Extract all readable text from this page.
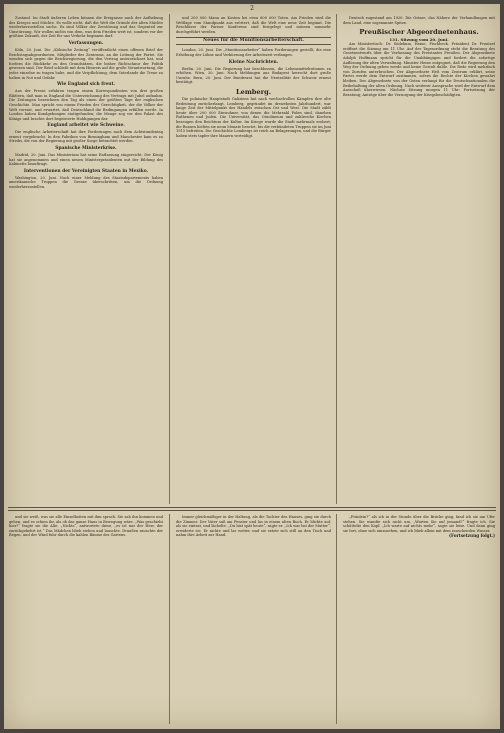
2

Zustand. Im Stadt äußeren Leben können die Ereignisse nach der Aufhebung des Krieges und Mächte. Es wolle nicht, daß die Welt die Gründe der alten Mächte wiederherzustellen suche. Es sind Völker der Zerstörung und das Gegenteil zur Umstürzung. Wir wollen nichts von dem, was dem Frieden wert ist, sondern vor der größten Zukunft, der Zeit für uns Verkehr beginnen darf.

Verfassungen.

Köln, 20. Juni. Die „Kölnische Zeitung“ veröffentlicht einen offenen Brief der Reichstagsabgeordneten, Mitglieder des Zentrums, an die Leitung der Partei. Sie wenden sich gegen die Reichsregierung, die den Vertrag unterzeichnet hat, und fordern die Rückkehr zu den Grundsätzen, die bisher Richtschnur der Politik gewesen sind. Der Brief schließt mit dem Hinweis auf die große Verantwortung, die jeder einzelne zu tragen habe, und die Verpflichtung, dem Vaterlande die Treue zu halten in Not und Gefahr.

Wie England sich freut.

Aus der Presse erfahren tragen einem Korrespondenten von drei großen Blättern, daß man in England die Unterzeichnung des Vertrags mit Jubel aufnahm. Die Zeitungen bezeichnen den Tag als einen der größten Tage der englischen Geschichte. Man spricht von einem Frieden der Gerechtigkeit, der die Völker der Welt vereint, und erwartet, daß Deutschland die Bedingungen erfüllen werde. In London haben Kundgebungen stattgefunden; die Menge zog vor den Palast des Königs und brachte dort begeisterte Huldigungen dar.

England arbeitet wie Schweine.

Die englische Arbeiterschaft hat ihre Forderungen nach dem Achtstundentag erneut vorgebracht. In den Fabriken von Birmingham und Manchester kam es zu Streiks, die von der Regierung mit großer Sorge betrachtet werden.

Spanische Ministerkrise.

Madrid, 20. Juni. Das Ministerium hat seine Entlassung eingereicht. Der König hat sie angenommen und einen neuen Ministerpräsidenten mit der Bildung des Kabinetts beauftragt.

Interventionen der Vereinigten Staaten in Mexiko.

Washington, 20. Juni. Nach einer Meldung des Staatsdepartements haben amerikanische Truppen die Grenze überschritten, um die Ordnung wiederherzustellen.

und 200 000 Mann an Kosten bei etwa 600 000 Toten. Am Frieden wird die Weltlage vom Standpunkt aus erörtert, daß die Welt eine neue Zeit beginnt. Die Beschlüsse der Pariser Konferenz sind festgelegt und müssen nunmehr durchgeführt werden.

Neues für die Munitionsarbeiterschaft.

London, 20. Juni. Die „Munitionsarbeiter“ haben Forderungen gestellt, die eine Erhöhung der Löhne und Verkürzung der Arbeitszeit verlangen.

Kleine Nachrichten.

Berlin, 20. Juni. Die Regierung hat beschlossen, die Lebensmittelrationen zu erhöhen. Wien, 20. Juni. Nach Meldungen aus Budapest herrscht dort große Unruhe. Bern, 20. Juni. Der Bundesrat hat die Neutralität der Schweiz erneut bestätigt.

Lemberg.

Die polnische Hauptstadt Galiziens hat nach wechselvollen Kämpfen ihre alte Bedeutung zurückerlangt. Lemberg, gegründet im dreizehnten Jahrhundert, war lange Zeit der Mittelpunkt des Handels zwischen Ost und West. Die Stadt zählt heute über 200 000 Einwohner, von denen die Mehrzahl Polen sind, daneben Ruthenen und Juden. Die Universität, das Ossolineum und zahlreiche Kirchen bezeugen den Reichtum der Kultur. Im Kriege wurde die Stadt mehrmals erobert; die Russen hielten sie neun Monate besetzt, bis die verbündeten Truppen sie im Juni 1915 befreiten. Die Geschichte Lembergs ist reich an Belagerungen, und die Bürger haben stets tapfer ihre Mauern verteidigt.

Deutsch zugestand am 1920. Die Ostsee, das Nähere der Verhandlungen mit dem Land, eine sogenannte Spitze.

Preußischer Abgeordnetenhaus.
131. Sitzung vom 20. Juni.

Am Ministertisch: Dr. Südekum, Heine, Fischbeck. Präsident Dr. Frentzel eröffnet die Sitzung um 11 Uhr. Auf der Tagesordnung steht die Beratung des Gesetzentwurfs über die Verfassung des Freistaates Preußen. Der Abgeordnete Adolph Hoffmann spricht für die Unabhängigen und fordert die sofortige Auflösung der alten Verwaltung. Minister Heine entgegnet, daß die Regierung den Weg der Ordnung gehen werde und keine Gewalt dulde. Die Rede wird mehrfach von Zurufen unterbrochen. Der Abgeordnete Heß vom Zentrum erklärt, seine Partei werde dem Entwurf zustimmen, sofern die Rechte der Kirchen gewahrt bleiben. Der Abgeordnete von der Osten verlangt für die Deutschnationalen die Beibehaltung der alten Ordnung. Nach weiterer Aussprache wird der Entwurf dem Ausschuß überwiesen. Nächste Sitzung morgen 11 Uhr: Fortsetzung der Beratung; Anträge über die Versorgung der Kriegsbeschädigten.

und sie weiß, was sie alle Einzelheiten mit ihm sprach. Sie sah ihn kommen und gehen, und es schien ihr, als ob das ganze Haus in Bewegung wäre. „Was geschieht hier?“ fragte sie die Alte. „Nichts“, antwortete diese, „es ist nur der Herr, der zurückgekehrt ist.“ Das Mädchen blieb stehen und lauschte. Draußen rauschte der Regen, und der Wind fuhr durch die kahlen Bäume des Gartens.

Immer gleichmäßiger in der Haltung, als die Tochter des Hauses, ging sie durch die Zimmer. Der Vater saß am Fenster und las in einem alten Buch. Er blickte auf, als sie eintrat, und lächelte. „Du bist spät heute“, sagte er. „Ich war bei der Mutter“, erwiderte sie. Er nickte und las weiter, und sie setzte sich still an den Tisch und nahm ihre Arbeit zur Hand.

„Fräulein?“ als ich in der Stunde über die Brücke ging, fand ich sie am Ufer stehen. Sie wandte sich nicht um. „Warten Sie auf jemand?“ fragte ich. Sie schüttelte den Kopf. „Ich warte auf nichts mehr“, sagte sie leise. Und dann ging sie fort, ohne sich umzusehen, und ich blieb allein mit dem rauschenden Wasser.

(Fortsetzung folgt.)
